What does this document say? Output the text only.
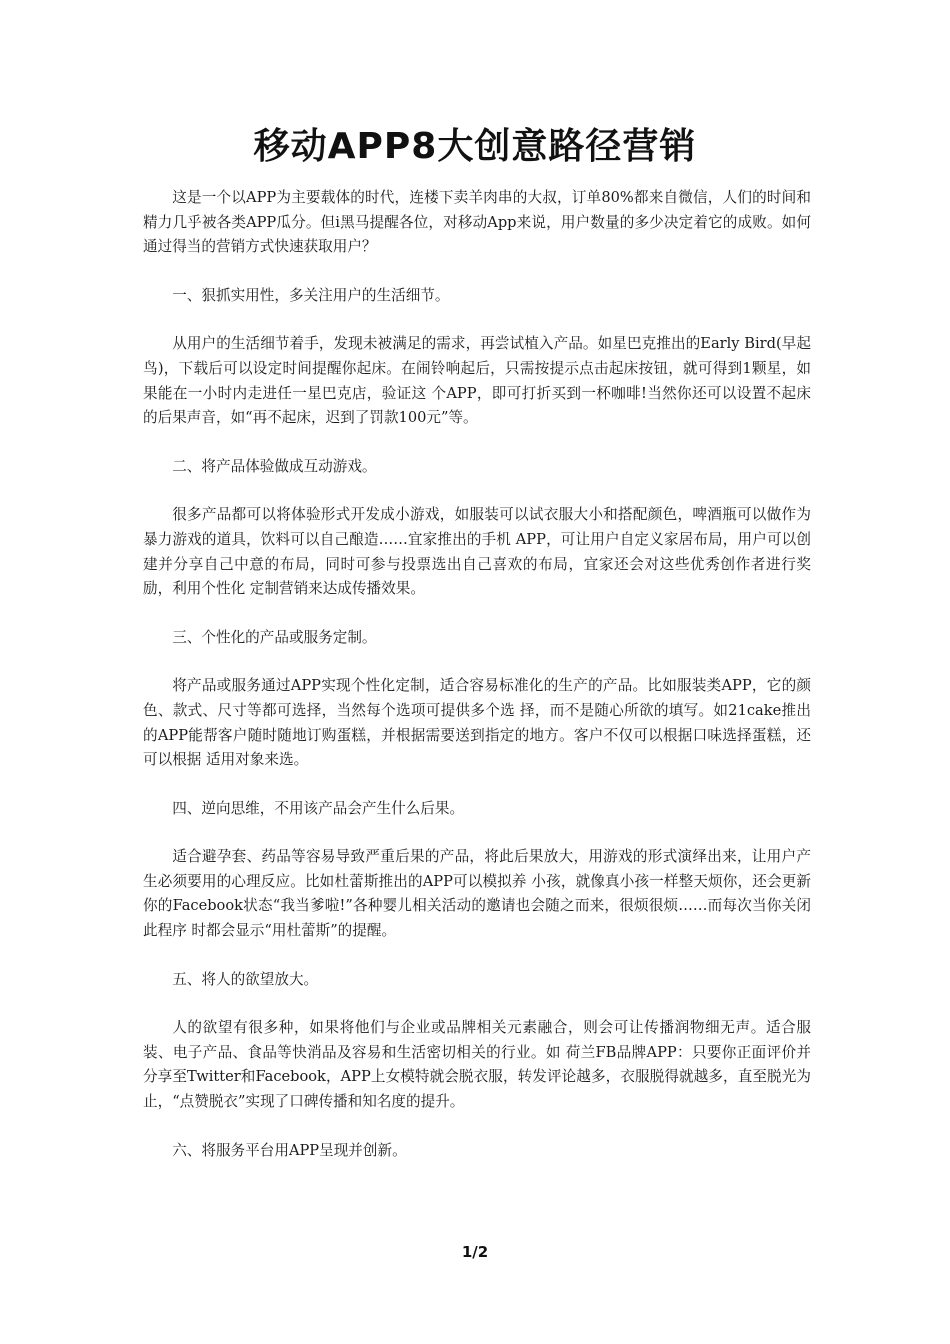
移动APP8大创意路径营销

这是一个以APP为主要载体的时代，连楼下卖羊肉串的大叔，订单80%都来自微信，人们的时间和精力几乎被各类APP瓜分。但i黑马提醒各位，对移动App来说，用户数量的多少决定着它的成败。如何通过得当的营销方式快速获取用户？

一、狠抓实用性，多关注用户的生活细节。

从用户的生活细节着手，发现未被满足的需求，再尝试植入产品。如星巴克推出的Early Bird(早起鸟)，下载后可以设定时间提醒你起床。在闹铃响起后，只需按提示点击起床按钮，就可得到1颗星，如果能在一小时内走进任一星巴克店，验证这 个APP，即可打折买到一杯咖啡!当然你还可以设置不起床的后果声音，如“再不起床，迟到了罚款100元”等。

二、将产品体验做成互动游戏。

很多产品都可以将体验形式开发成小游戏，如服装可以试衣服大小和搭配颜色，啤酒瓶可以做作为暴力游戏的道具，饮料可以自己酿造……宜家推出的手机 APP，可让用户自定义家居布局，用户可以创建并分享自己中意的布局，同时可参与投票选出自己喜欢的布局，宜家还会对这些优秀创作者进行奖励，利用个性化 定制营销来达成传播效果。

三、个性化的产品或服务定制。

将产品或服务通过APP实现个性化定制，适合容易标准化的生产的产品。比如服装类APP，它的颜色、款式、尺寸等都可选择，当然每个选项可提供多个选 择，而不是随心所欲的填写。如21cake推出的APP能帮客户随时随地订购蛋糕，并根据需要送到指定的地方。客户不仅可以根据口味选择蛋糕，还可以根据 适用对象来选。

四、逆向思维，不用该产品会产生什么后果。

适合避孕套、药品等容易导致严重后果的产品，将此后果放大，用游戏的形式演绎出来，让用户产生必须要用的心理反应。比如杜蕾斯推出的APP可以模拟养 小孩，就像真小孩一样整天烦你，还会更新你的Facebook状态“我当爹啦!”各种婴儿相关活动的邀请也会随之而来，很烦很烦……而每次当你关闭此程序 时都会显示“用杜蕾斯”的提醒。

五、将人的欲望放大。

人的欲望有很多种，如果将他们与企业或品牌相关元素融合，则会可让传播润物细无声。适合服装、电子产品、食品等快消品及容易和生活密切相关的行业。如 荷兰FB品牌APP：只要你正面评价并分享至Twitter和Facebook，APP上女模特就会脱衣服，转发评论越多，衣服脱得就越多，直至脱光为 止，“点赞脱衣”实现了口碑传播和知名度的提升。

六、将服务平台用APP呈现并创新。

1/2
